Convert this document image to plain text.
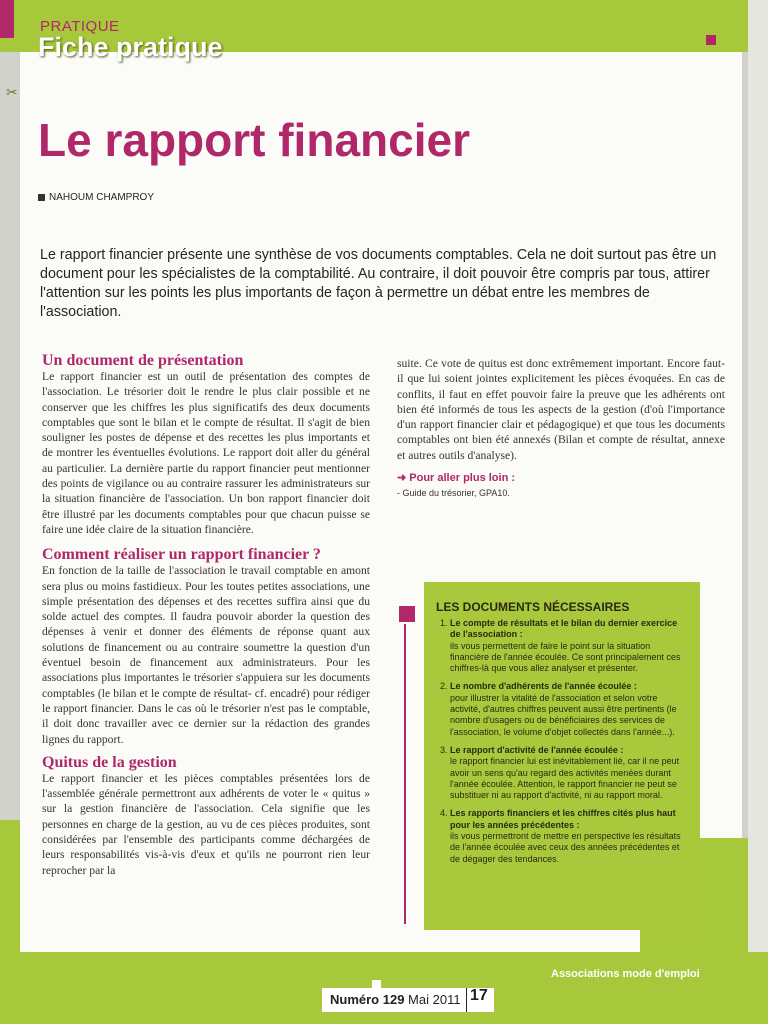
✂
PRATIQUE
Fiche pratique
Le rapport financier
NAHOUM CHAMPROY
Le rapport financier présente une synthèse de vos documents comptables. Cela ne doit surtout pas être un document pour les spécialistes de la comptabilité. Au contraire, il doit pouvoir être compris par tous, attirer l'attention sur les points les plus importants de façon à permettre un débat entre les membres de l'association.
Un document de présentation

Le rapport financier est un outil de présentation des comptes de l'association. Le trésorier doit le rendre le plus clair possible et ne conserver que les chiffres les plus significatifs des deux documents comptables que sont le bilan et le compte de résultat. Il s'agit de bien souligner les postes de dépense et des recettes les plus importants et de montrer les éventuelles évolutions. Le rapport doit aller du général au particulier. La dernière partie du rapport financier peut mentionner des points de vigilance ou au contraire rassurer les administrateurs sur la situation financière de l'association. Un bon rapport financier doit être illustré par les documents comptables pour que chacun puisse se faire une idée claire de la situation financière.

Comment réaliser un rapport financier ?

En fonction de la taille de l'association le travail comptable en amont sera plus ou moins fastidieux. Pour les toutes petites associations, une simple présentation des dépenses et des recettes suffira ainsi que du solde actuel des comptes. Il faudra pouvoir aborder la question des dépenses à venir et donner des éléments de réponse quant aux solutions de financement ou au contraire soumettre la question d'un éventuel besoin de financement aux administrateurs. Pour les associations plus importantes le trésorier s'appuiera sur les documents comptables (le bilan et le compte de résultat- cf. encadré) pour rédiger le rapport financier. Dans le cas où le trésorier n'est pas le comptable, il doit donc travailler avec ce dernier sur la rédaction des grandes lignes du rapport.

Quitus de la gestion

Le rapport financier et les pièces comptables présentées lors de l'assemblée générale permettront aux adhérents de voter le « quitus » sur la gestion financière de l'association. Cela signifie que les personnes en charge de la gestion, au vu de ces pièces produites, sont considérées par l'ensemble des participants comme déchargées de leurs responsabilités vis-à-vis d'eux et qu'ils ne pourront rien leur reprocher par la

suite. Ce vote de quitus est donc extrêmement important. Encore faut-il que lui soient jointes explicitement les pièces évoquées. En cas de conflits, il faut en effet pouvoir faire la preuve que les adhérents ont bien été informés de tous les aspects de la gestion (d'où l'importance d'un rapport financier clair et pédagogique) et que tous les documents comptables ont bien été annexés (Bilan et compte de résultat, annexe et autres outils d'analyse).

➜ Pour aller plus loin :
- Guide du trésorier, GPA10.
LES DOCUMENTS NÉCESSAIRES
1. Le compte de résultats et le bilan du dernier exercice de l'association :
ils vous permettent de faire le point sur la situation financière de l'année écoulée. Ce sont principalement ces chiffres-là que vous allez analyser et présenter.
2. Le nombre d'adhérents de l'année écoulée :
pour illustrer la vitalité de l'association et selon votre activité, d'autres chiffres peuvent aussi être pertinents (le nombre d'usagers ou de bénéficiaires des services de l'association, le volume d'objet collectés dans l'année...).
3. Le rapport d'activité de l'année écoulée :
le rapport financier lui est inévitablement lié, car il ne peut avoir un sens qu'au regard des activités menées durant l'année écoulée. Attention, le rapport financier ne peut se substituer ni au rapport d'activité, ni au rapport moral.
4. Les rapports financiers et les chiffres cités plus haut pour les années précédentes :
ils vous permettront de mettre en perspective les résultats de l'année écoulée avec ceux des années précédentes et de dégager des tendances.
Associations mode d'emploi
Numéro 129 Mai 2011 17
